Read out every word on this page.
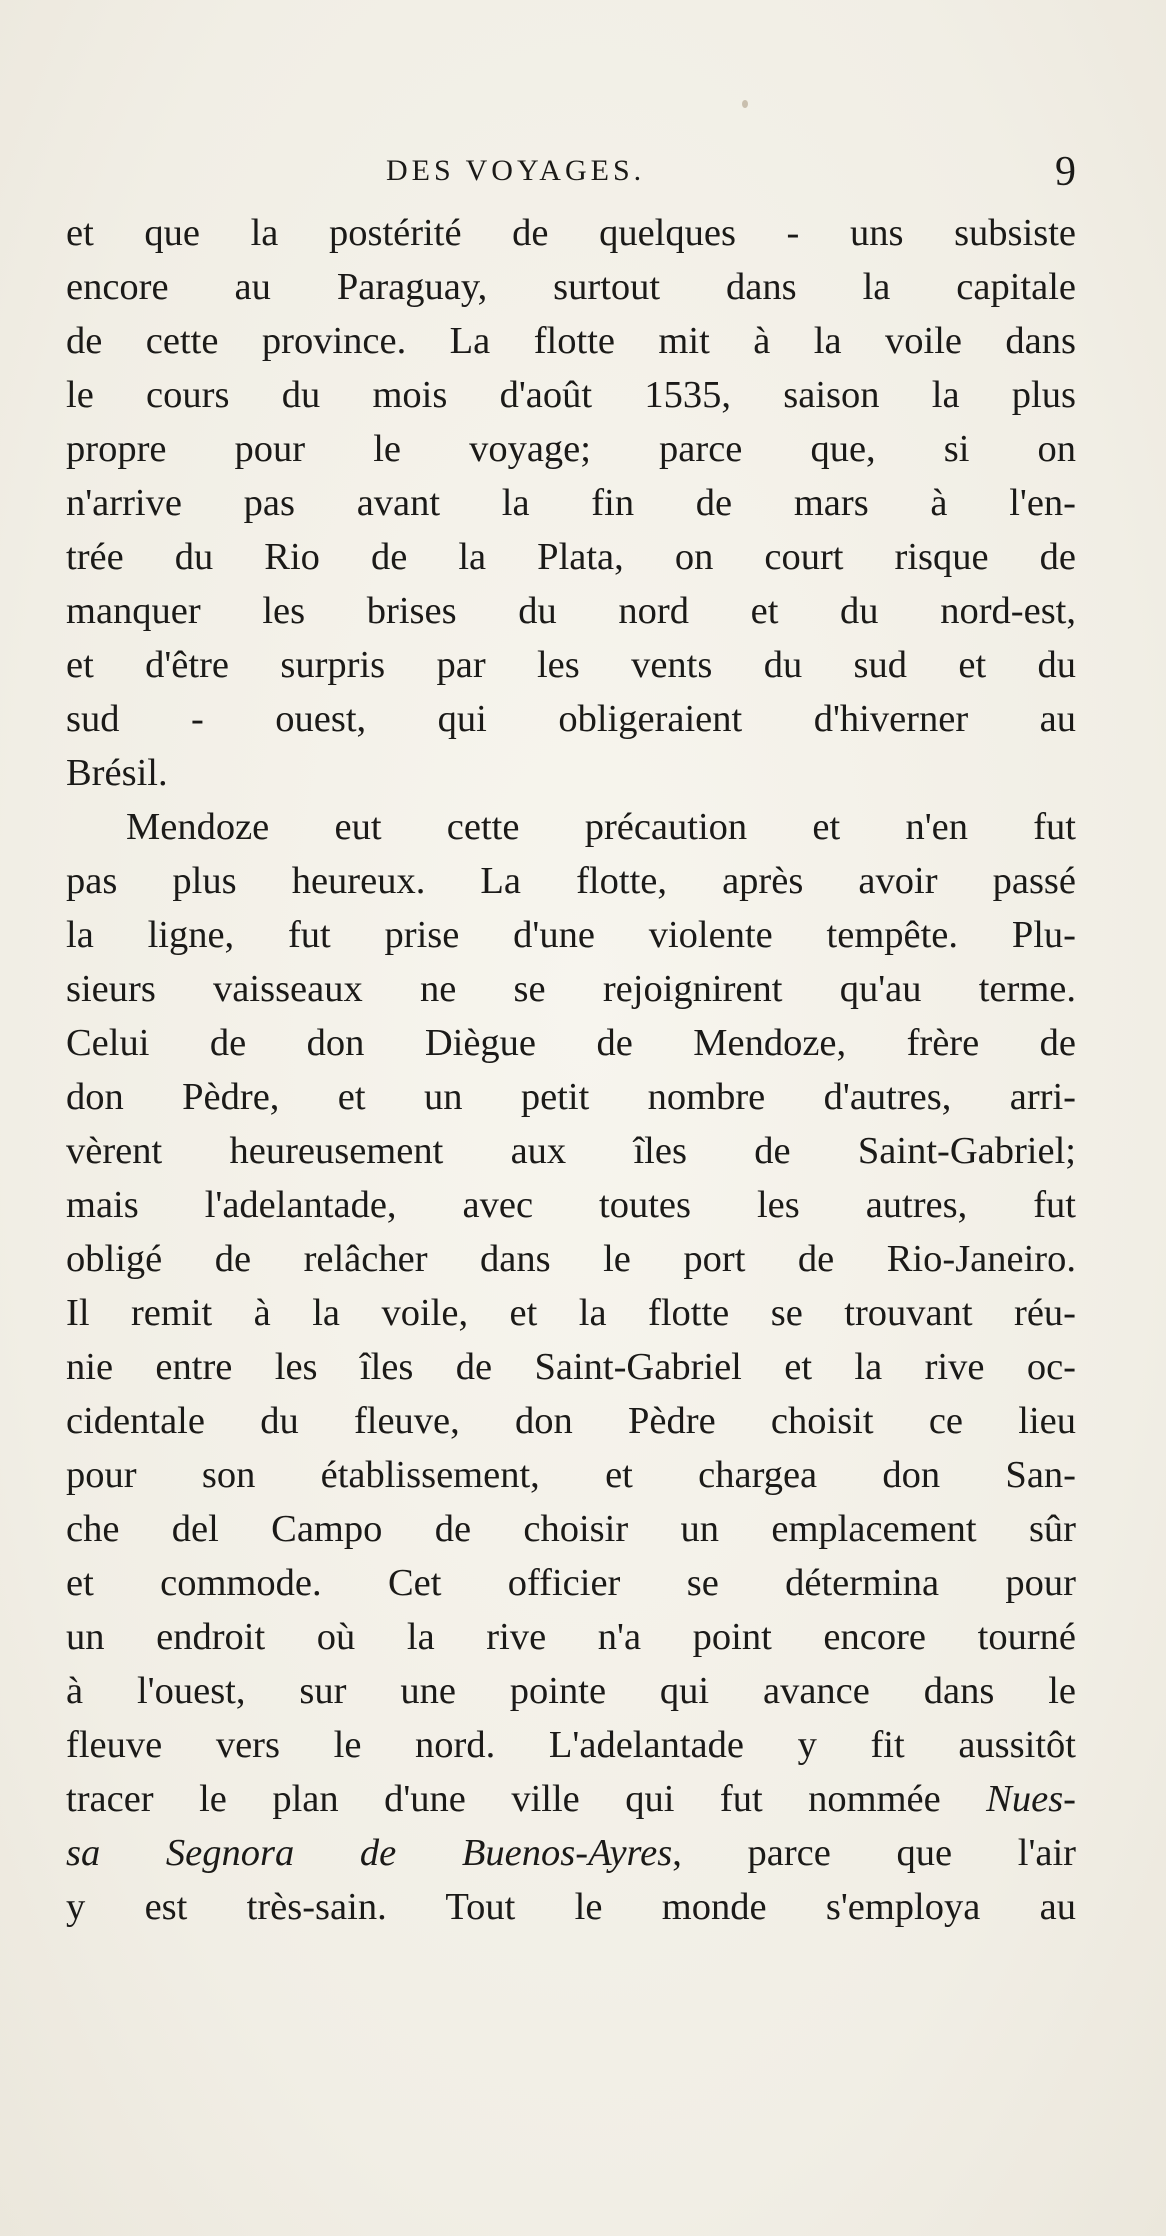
DES VOYAGES.	9
et que la postérité de quelques - uns subsiste
encore au Paraguay, surtout dans la capitale
de cette province. La flotte mit à la voile dans
le cours du mois d'août 1535, saison la plus
propre pour le voyage; parce que, si on
n'arrive pas avant la fin de mars à l'en-
trée du Rio de la Plata, on court risque de
manquer les brises du nord et du nord-est,
et d'être surpris par les vents du sud et du
sud - ouest, qui obligeraient d'hiverner au
Brésil.
Mendoze eut cette précaution et n'en fut
pas plus heureux. La flotte, après avoir passé
la ligne, fut prise d'une violente tempête. Plu-
sieurs vaisseaux ne se rejoignirent qu'au terme.
Celui de don Diègue de Mendoze, frère de
don Pèdre, et un petit nombre d'autres, arri-
vèrent heureusement aux îles de Saint-Gabriel;
mais l'adelantade, avec toutes les autres, fut
obligé de relâcher dans le port de Rio-Janeiro.
Il remit à la voile, et la flotte se trouvant réu-
nie entre les îles de Saint-Gabriel et la rive oc-
cidentale du fleuve, don Pèdre choisit ce lieu
pour son établissement, et chargea don San-
che del Campo de choisir un emplacement sûr
et commode. Cet officier se détermina pour
un endroit où la rive n'a point encore tourné
à l'ouest, sur une pointe qui avance dans le
fleuve vers le nord. L'adelantade y fit aussitôt
tracer le plan d'une ville qui fut nommée Nues-
sa Segnora de Buenos-Ayres, parce que l'air
y est très-sain. Tout le monde s'employa au
